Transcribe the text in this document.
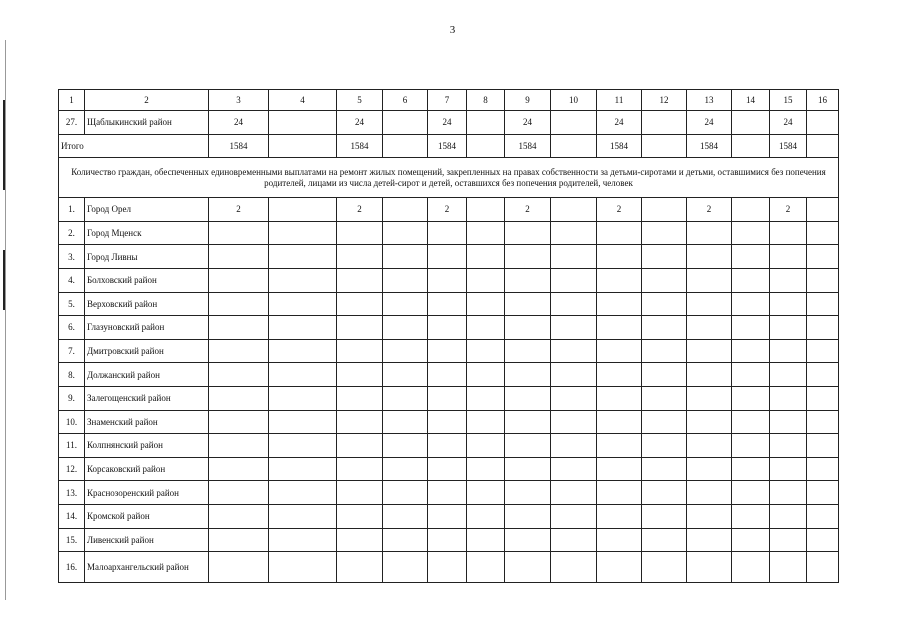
3
1	2	3	4	5	6	7	8	9	10	11	12	13	14	15	16
27.	Щаблыкинский район	24		24		24		24		24		24		24	
Итого		1584		1584		1584		1584		1584		1584		1584	
Количество граждан, обеспеченных единовременными выплатами на ремонт жилых помещений, закрепленных на правах собственности за детьми-сиротами и детьми, оставшимися без попечения родителей, лицами из числа детей-сирот и детей, оставшихся без попечения родителей, человек															
1.	Город Орел	2		2		2		2		2		2		2	
2.	Город Мценск														
3.	Город Ливны														
4.	Болховский район														
5.	Верховский район														
6.	Глазуновский район														
7.	Дмитровский район														
8.	Должанский район														
9.	Залегощенский район														
10.	Знаменский район														
11.	Колпнянский район														
12.	Корсаковский район														
13.	Краснозоренский район														
14.	Кромской район														
15.	Ливенский район														
16.	Малоархангельский район														
